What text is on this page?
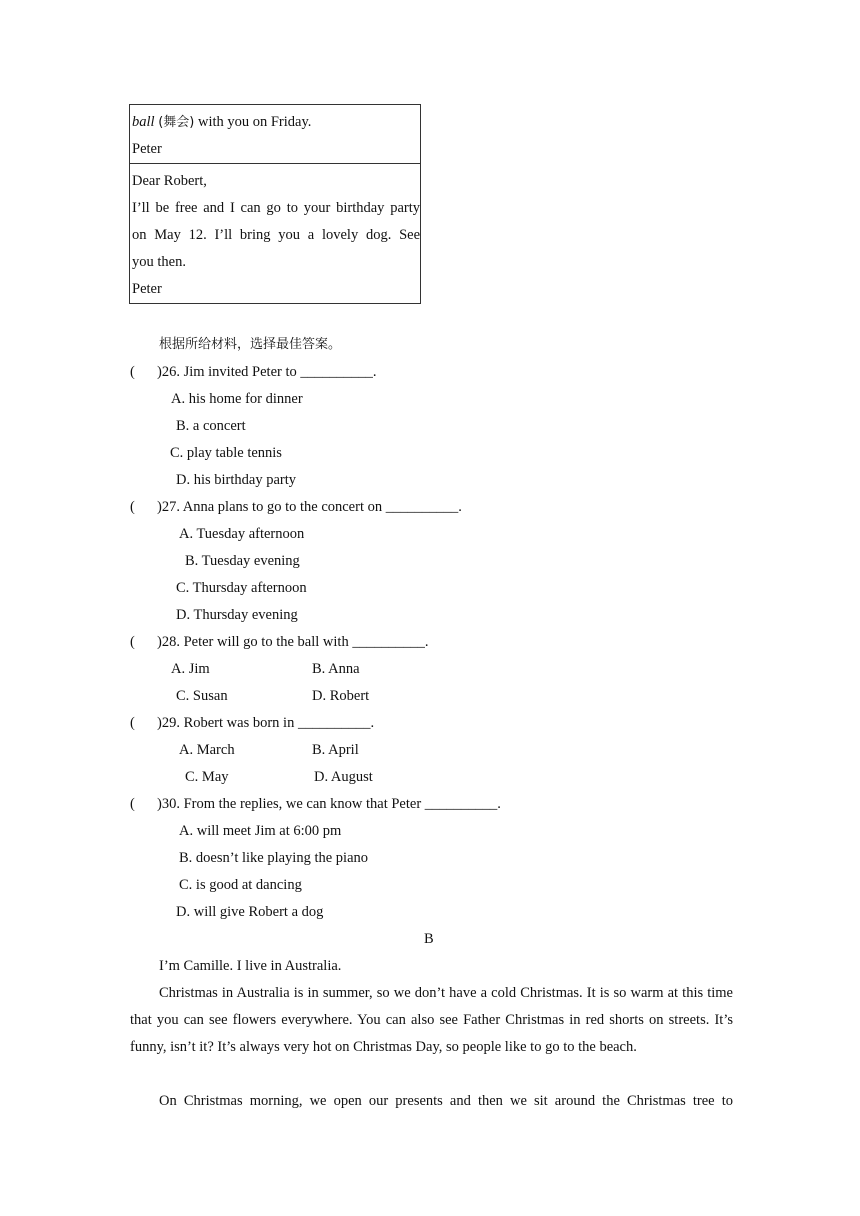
ball (舞会) with you on Friday.
Peter
Dear Robert,
I’ll be free and I can go to your birthday party
on May 12. I’ll bring you a lovely dog. See
you then.
Peter
根据所给材料，选择最佳答案。
( )26. Jim invited Peter to __________.
A. his home for dinner
B. a concert
C. play table tennis
D. his birthday party
( )27. Anna plans to go to the concert on __________.
A. Tuesday afternoon
B. Tuesday evening
C. Thursday afternoon
D. Thursday evening
( )28. Peter will go to the ball with __________.
A. Jim	B. Anna
C. Susan	D. Robert
( )29. Robert was born in __________.
A. March	B. April
C. May	D. August
( )30. From the replies, we can know that Peter __________.
A. will meet Jim at 6:00 pm
B. doesn’t like playing the piano
C. is good at dancing
D. will give Robert a dog
B
I’m Camille. I live in Australia.
Christmas in Australia is in summer, so we don’t have a cold Christmas. It is so warm at this time that you can see flowers everywhere. You can also see Father Christmas in red shorts on streets. It’s funny, isn’t it? It’s always very hot on Christmas Day, so people like to go to the beach.
On Christmas morning, we open our presents and then we sit around the Christmas tree to
